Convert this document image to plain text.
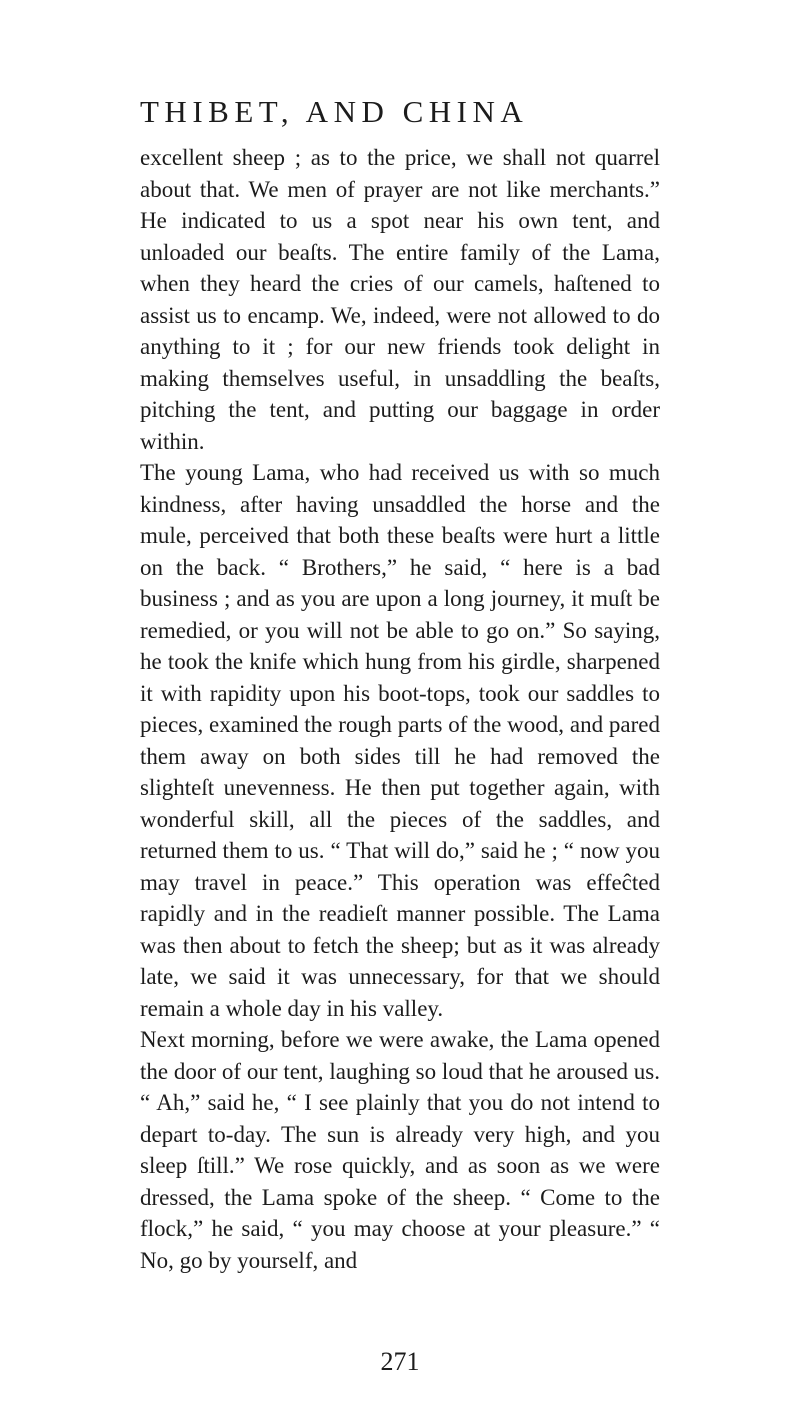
THIBET, AND CHINA

excellent sheep ; as to the price, we shall not quarrel about that. We men of prayer are not like merchants.” He indicated to us a spot near his own tent, and unloaded our beaſts. The entire family of the Lama, when they heard the cries of our camels, haſtened to assist us to encamp. We, indeed, were not allowed to do anything to it ; for our new friends took delight in making themselves useful, in unsaddling the beaſts, pitching the tent, and putting our baggage in order within.

The young Lama, who had received us with so much kindness, after having unsaddled the horse and the mule, perceived that both these beaſts were hurt a little on the back. “ Brothers,” he said, “ here is a bad business ; and as you are upon a long journey, it muſt be remedied, or you will not be able to go on.” So saying, he took the knife which hung from his girdle, sharpened it with rapidity upon his boot-tops, took our saddles to pieces, examined the rough parts of the wood, and pared them away on both sides till he had removed the slighteſt unevenness. He then put together again, with wonderful skill, all the pieces of the saddles, and returned them to us. “ That will do,” said he ; “ now you may travel in peace.” This operation was effeĉted rapidly and in the readieſt manner possible. The Lama was then about to fetch the sheep; but as it was already late, we said it was unnecessary, for that we should remain a whole day in his valley.

Next morning, before we were awake, the Lama opened the door of our tent, laughing so loud that he aroused us. “ Ah,” said he, “ I see plainly that you do not intend to depart to-day. The sun is already very high, and you sleep ſtill.” We rose quickly, and as soon as we were dressed, the Lama spoke of the sheep. “ Come to the flock,” he said, “ you may choose at your pleasure.” “ No, go by yourself, and

271
